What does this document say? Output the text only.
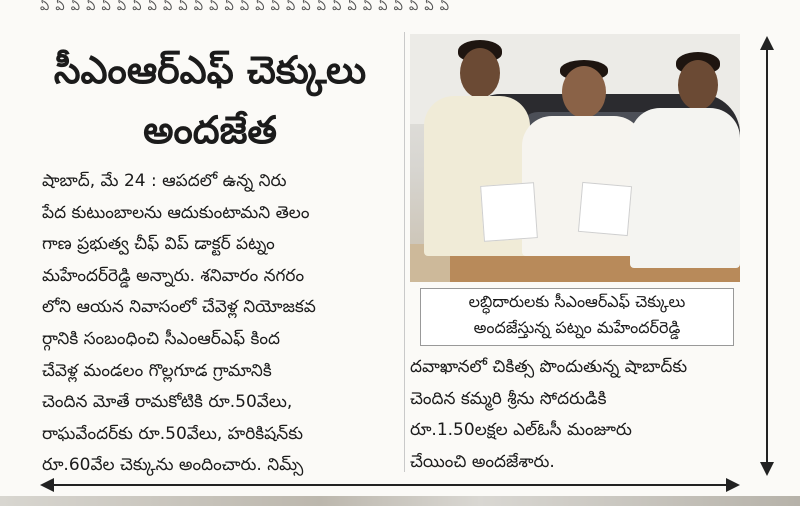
ఏ ఏ ఏ ఏ ఏ ఏ ఏ ఏ ఏ ఏ ఏ ఏ ఏ ఏ ఏ ఏ ఏ ఏ ఏ ఏ ఏ ఏ ఏ ఏ ఏ ఏ ఏ
సీఎంఆర్ఎఫ్ చెక్కులు
అందజేత
షాబాద్, మే 24 : ఆపదలో ఉన్న నిరు
పేద కుటుంబాలను ఆదుకుంటామని తెలం
గాణ ప్రభుత్వ చీఫ్ విప్ డాక్టర్ పట్నం
మహేందర్‌రెడ్డి అన్నారు. శనివారం నగరం
లోని ఆయన నివాసంలో చేవెళ్ల నియోజకవ
ర్గానికి సంబంధించి సీఎంఆర్ఎఫ్ కింద
చేవెళ్ల మండలం గొల్లగూడ గ్రామానికి
చెందిన మోతే రామకోటికి రూ.50వేలు,
రాఘవేందర్‌కు రూ.50వేలు, హరికిషన్‌కు
రూ.60వేల చెక్కును అందించారు. నిమ్స్
లబ్ధిదారులకు సీఎంఆర్ఎఫ్ చెక్కులు
అందజేస్తున్న పట్నం మహేందర్‌రెడ్డి
దవాఖానలో చికిత్స పొందుతున్న షాబాద్‌కు
చెందిన కమ్మరి శ్రీను సోదరుడికి
రూ.1.50లక్షల ఎల్ఓసీ మంజూరు
చేయించి అందజేశారు.
